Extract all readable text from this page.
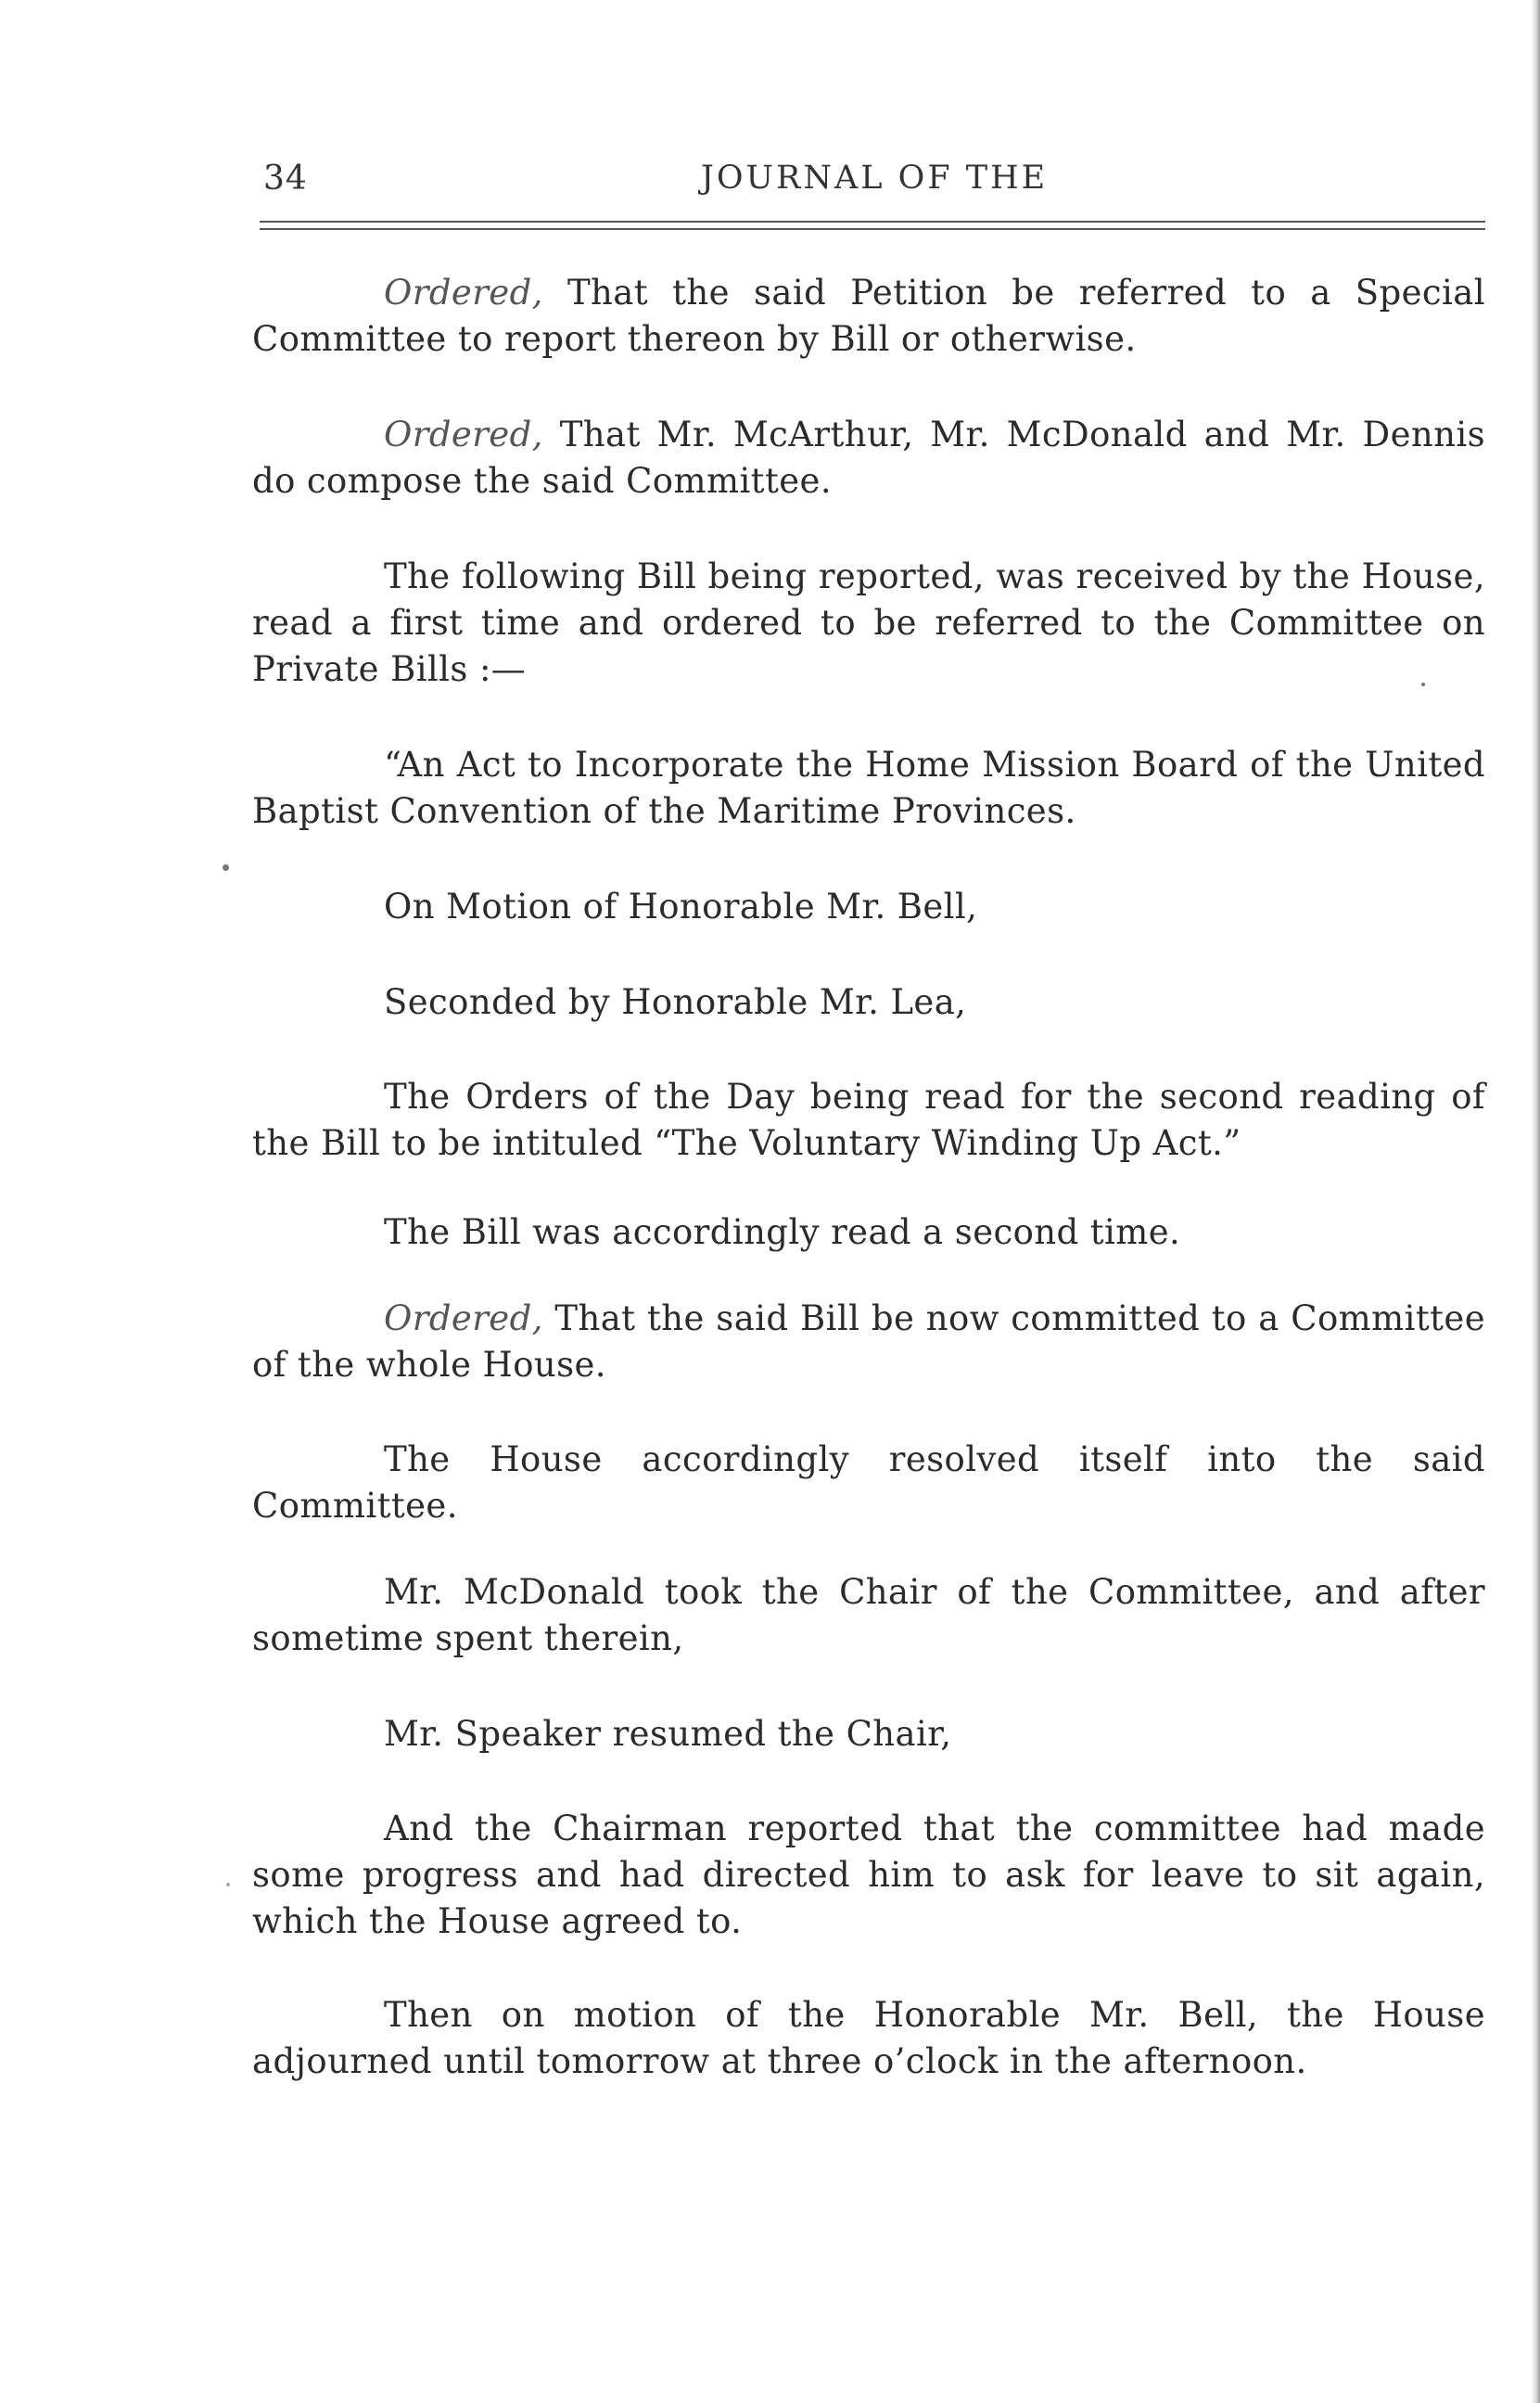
34	JOURNAL OF THE

Ordered, That the said Petition be referred to a Special Committee to report thereon by Bill or otherwise.

Ordered, That Mr. McArthur, Mr. McDonald and Mr. Dennis do compose the said Committee.

The following Bill being reported, was received by the House, read a first time and ordered to be referred to the Committee on Private Bills :—

“An Act to Incorporate the Home Mission Board of the United Baptist Convention of the Maritime Provinces.

On Motion of Honorable Mr. Bell,

Seconded by Honorable Mr. Lea,

The Orders of the Day being read for the second reading of the Bill to be intituled “The Voluntary Winding Up Act.”

The Bill was accordingly read a second time.

Ordered, That the said Bill be now committed to a Committee of the whole House.

The House accordingly resolved itself into the said Committee.

Mr. McDonald took the Chair of the Committee, and after sometime spent therein,

Mr. Speaker resumed the Chair,

And the Chairman reported that the committee had made some progress and had directed him to ask for leave to sit again, which the House agreed to.

Then on motion of the Honorable Mr. Bell, the House adjourned until tomorrow at three o’clock in the afternoon.
